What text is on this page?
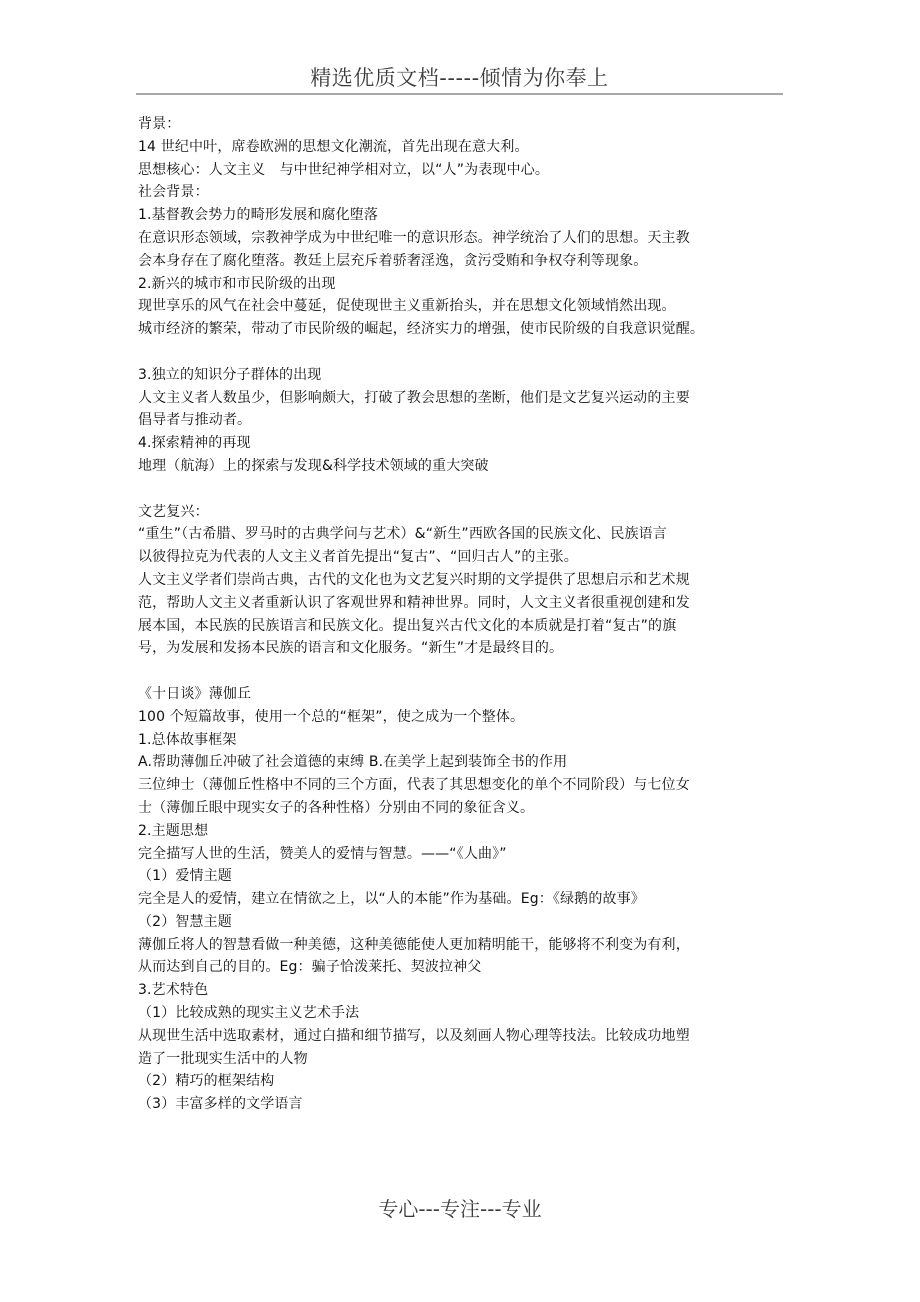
精选优质文档-----倾情为你奉上
背景：
14 世纪中叶，席卷欧洲的思想文化潮流，首先出现在意大利。
思想核心：人文主义　与中世纪神学相对立，以“人”为表现中心。
社会背景：
1.基督教会势力的畸形发展和腐化堕落
在意识形态领域，宗教神学成为中世纪唯一的意识形态。神学统治了人们的思想。天主教
会本身存在了腐化堕落。教廷上层充斥着骄奢淫逸，贪污受贿和争权夺利等现象。
2.新兴的城市和市民阶级的出现
现世享乐的风气在社会中蔓延，促使现世主义重新抬头，并在思想文化领域悄然出现。
城市经济的繁荣，带动了市民阶级的崛起，经济实力的增强，使市民阶级的自我意识觉醒。
3.独立的知识分子群体的出现
人文主义者人数虽少，但影响颇大，打破了教会思想的垄断，他们是文艺复兴运动的主要
倡导者与推动者。
4.探索精神的再现
地理（航海）上的探索与发现&科学技术领域的重大突破
文艺复兴：
“重生”（古希腊、罗马时的古典学问与艺术）&“新生”西欧各国的民族文化、民族语言
以彼得拉克为代表的人文主义者首先提出“复古”、“回归古人”的主张。
人文主义学者们崇尚古典，古代的文化也为文艺复兴时期的文学提供了思想启示和艺术规
范，帮助人文主义者重新认识了客观世界和精神世界。同时，人文主义者很重视创建和发
展本国，本民族的民族语言和民族文化。提出复兴古代文化的本质就是打着“复古”的旗
号，为发展和发扬本民族的语言和文化服务。“新生”才是最终目的。
《十日谈》薄伽丘
100 个短篇故事，使用一个总的“框架”，使之成为一个整体。
1.总体故事框架
A.帮助薄伽丘冲破了社会道德的束缚 B.在美学上起到装饰全书的作用
三位绅士（薄伽丘性格中不同的三个方面，代表了其思想变化的单个不同阶段）与七位女
士（薄伽丘眼中现实女子的各种性格）分别由不同的象征含义。
2.主题思想
完全描写人世的生活，赞美人的爱情与智慧。——“《人曲》”
（1）爱情主题
完全是人的爱情，建立在情欲之上，以“人的本能”作为基础。Eg：《绿鹅的故事》
（2）智慧主题
薄伽丘将人的智慧看做一种美德，这种美德能使人更加精明能干，能够将不利变为有利，
从而达到自己的目的。Eg：骗子恰泼莱托、契波拉神父
3.艺术特色
（1）比较成熟的现实主义艺术手法
从现世生活中选取素材，通过白描和细节描写，以及刻画人物心理等技法。比较成功地塑
造了一批现实生活中的人物
（2）精巧的框架结构
（3）丰富多样的文学语言
专心---专注---专业
